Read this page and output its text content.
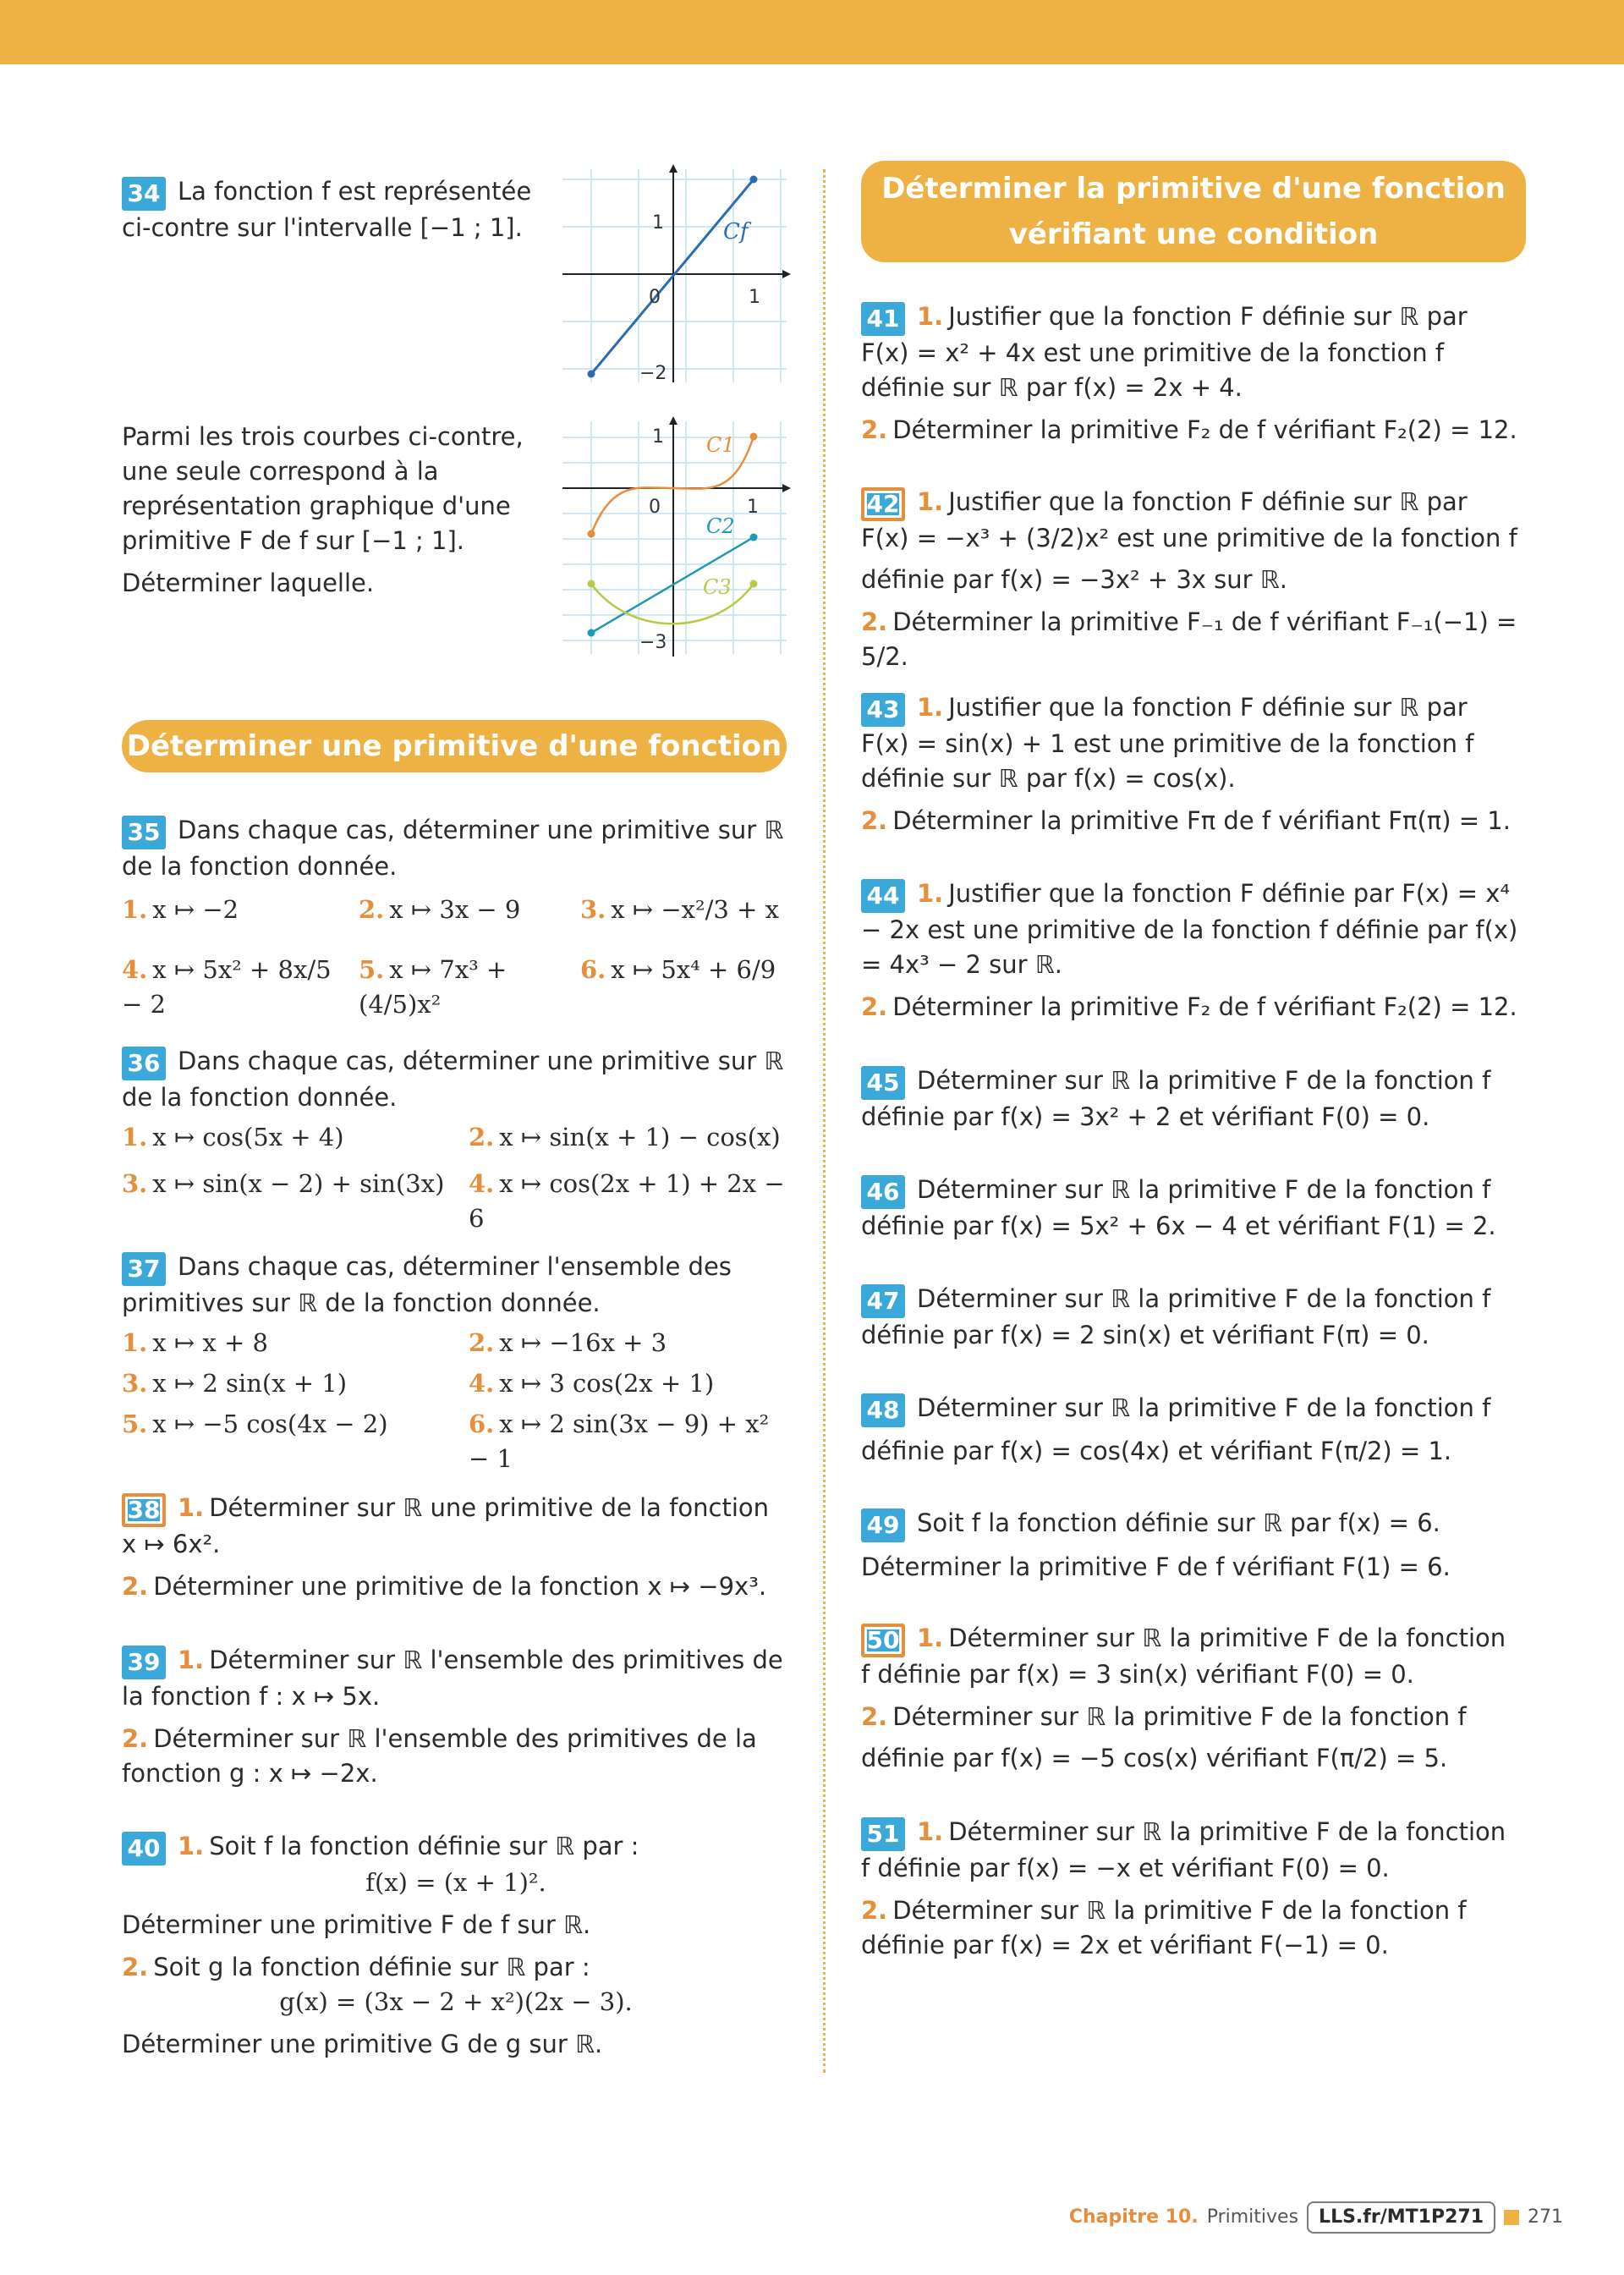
34 La fonction f est représentée ci-contre sur l'intervalle [−1 ; 1].

Parmi les trois courbes ci-contre, une seule correspond à la représentation graphique d'une primitive F de f sur [−1 ; 1].

Déterminer laquelle.

Déterminer une primitive d'une fonction

35 Dans chaque cas, déterminer une primitive sur ℝ de la fonction donnée.

1. x ↦ −2	2. x ↦ 3x − 9	3. x ↦ −x²/3 + x
4. x ↦ 5x² + 8x/5 − 2
5. x ↦ 7x³ + (4/5)x²
6. x ↦ 5x⁴ + 6/9

36 Dans chaque cas, déterminer une primitive sur ℝ de la fonction donnée.

1. x ↦ cos(5x + 4)	2. x ↦ sin(x + 1) − cos(x)
3. x ↦ sin(x − 2) + sin(3x) 4. x ↦ cos(2x + 1) + 2x − 6

37 Dans chaque cas, déterminer l'ensemble des primitives sur ℝ de la fonction donnée.

1. x ↦ x + 8	2. x ↦ −16x + 3
3. x ↦ 2 sin(x + 1)	4. x ↦ 3 cos(2x + 1)
5. x ↦ −5 cos(4x − 2)	6. x ↦ 2 sin(3x − 9) + x² − 1

38 1. Déterminer sur ℝ une primitive de la fonction x ↦ 6x².

2. Déterminer une primitive de la fonction x ↦ −9x³.

39 1. Déterminer sur ℝ l'ensemble des primitives de la fonction f : x ↦ 5x.

2. Déterminer sur ℝ l'ensemble des primitives de la fonction g : x ↦ −2x.

40 1. Soit f la fonction définie sur ℝ par :

f(x) = (x + 1)².

Déterminer une primitive F de f sur ℝ.

2. Soit g la fonction définie sur ℝ par :

g(x) = (3x − 2 + x²)(2x − 3).

Déterminer une primitive G de g sur ℝ.

1
0	1
−2
Cf
1
0	1
−3
C1
C2
C3
Déterminer la primitive d'une fonction
vérifiant une condition

41 1. Justifier que la fonction F définie sur ℝ par F(x) = x² + 4x est une primitive de la fonction f définie sur ℝ par f(x) = 2x + 4.

2. Déterminer la primitive F₂ de f vérifiant F₂(2) = 12.

42 1. Justifier que la fonction F définie sur ℝ par F(x) = −x³ + (3/2)x² est une primitive de la fonction f

définie par f(x) = −3x² + 3x sur ℝ.

2. Déterminer la primitive F₋₁ de f vérifiant F₋₁(−1) = 5/2.

43 1. Justifier que la fonction F définie sur ℝ par F(x) = sin(x) + 1 est une primitive de la fonction f définie sur ℝ par f(x) = cos(x).

2. Déterminer la primitive Fπ de f vérifiant Fπ(π) = 1.

44 1. Justifier que la fonction F définie par F(x) = x⁴ − 2x est une primitive de la fonction f définie par f(x) = 4x³ − 2 sur ℝ.

2. Déterminer la primitive F₂ de f vérifiant F₂(2) = 12.

45 Déterminer sur ℝ la primitive F de la fonction f définie par f(x) = 3x² + 2 et vérifiant F(0) = 0.

46 Déterminer sur ℝ la primitive F de la fonction f définie par f(x) = 5x² + 6x − 4 et vérifiant F(1) = 2.

47 Déterminer sur ℝ la primitive F de la fonction f définie par f(x) = 2 sin(x) et vérifiant F(π) = 0.

48 Déterminer sur ℝ la primitive F de la fonction f

définie par f(x) = cos(4x) et vérifiant F(π/2) = 1.

49 Soit f la fonction définie sur ℝ par f(x) = 6.

Déterminer la primitive F de f vérifiant F(1) = 6.

50 1. Déterminer sur ℝ la primitive F de la fonction f définie par f(x) = 3 sin(x) vérifiant F(0) = 0.

2. Déterminer sur ℝ la primitive F de la fonction f

définie par f(x) = −5 cos(x) vérifiant F(π/2) = 5.

51 1. Déterminer sur ℝ la primitive F de la fonction f définie par f(x) = −x et vérifiant F(0) = 0.

2. Déterminer sur ℝ la primitive F de la fonction f définie par f(x) = 2x et vérifiant F(−1) = 0.

Chapitre 10. Primitives	LLS.fr/MT1P271	271
